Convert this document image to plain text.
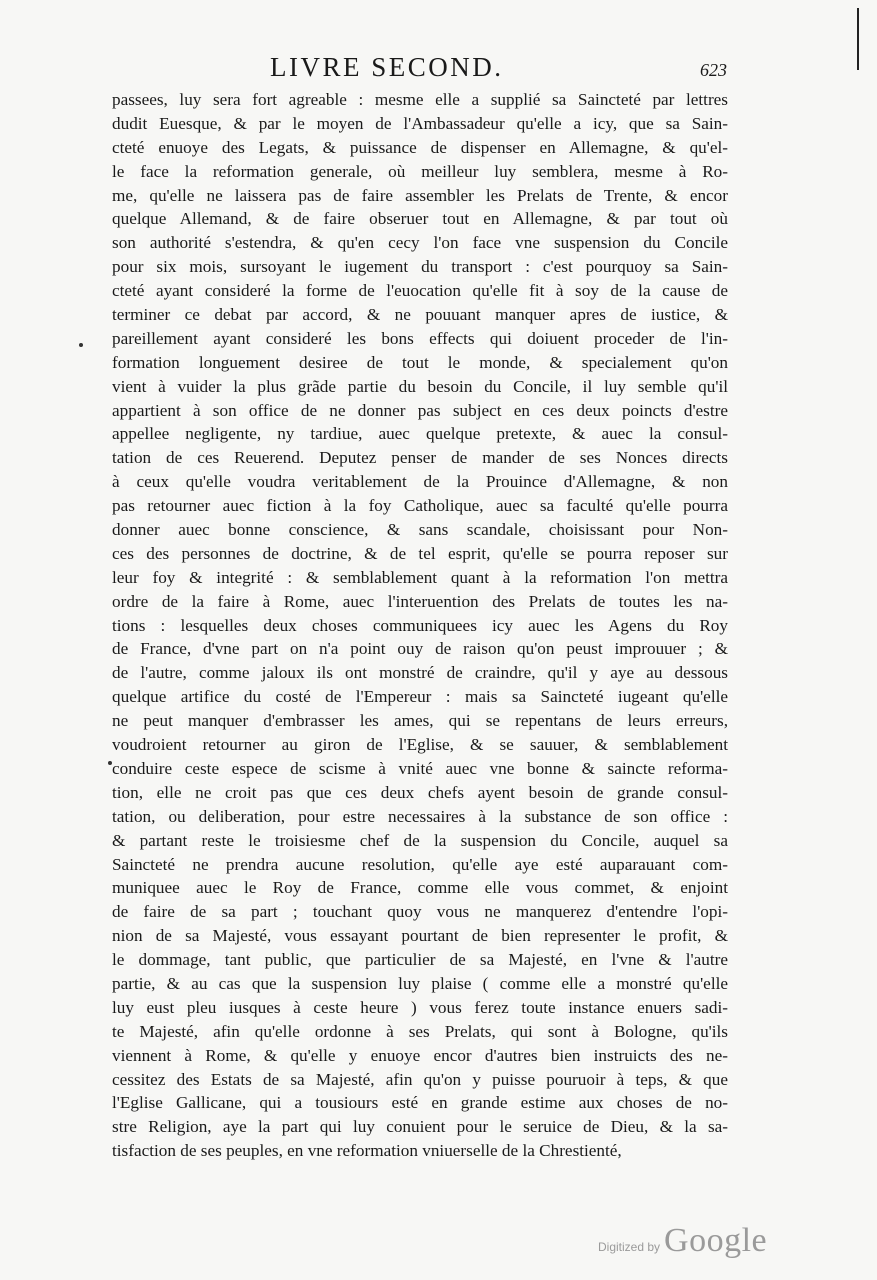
LIVRE SECOND.	623
passees, luy sera fort agreable : mesme elle a supplié sa Saincteté par lettres
dudit Euesque, & par le moyen de l'Ambassadeur qu'elle a icy, que sa Sain-
cteté enuoye des Legats, & puissance de dispenser en Allemagne, & qu'el-
le face la reformation generale, où meilleur luy semblera, mesme à Ro-
me, qu'elle ne laissera pas de faire assembler les Prelats de Trente, & encor
quelque Allemand, & de faire obseruer tout en Allemagne, & par tout où
son authorité s'estendra, & qu'en cecy l'on face vne suspension du Concile
pour six mois, sursoyant le iugement du transport : c'est pourquoy sa Sain-
cteté ayant consideré la forme de l'euocation qu'elle fit à soy de la cause de
terminer ce debat par accord, & ne pouuant manquer apres de iustice, &
pareillement ayant consideré les bons effects qui doiuent proceder de l'in-
formation longuement desiree de tout le monde, & specialement qu'on
vient à vuider la plus grãde partie du besoin du Concile, il luy semble qu'il
appartient à son office de ne donner pas subject en ces deux poincts d'estre
appellee negligente, ny tardiue, auec quelque pretexte, & auec la consul-
tation de ces Reuerend. Deputez penser de mander de ses Nonces directs
à ceux qu'elle voudra veritablement de la Prouince d'Allemagne, & non
pas retourner auec fiction à la foy Catholique, auec sa faculté qu'elle pourra
donner auec bonne conscience, & sans scandale, choisissant pour Non-
ces des personnes de doctrine, & de tel esprit, qu'elle se pourra reposer sur
leur foy & integrité : & semblablement quant à la reformation l'on mettra
ordre de la faire à Rome, auec l'interuention des Prelats de toutes les na-
tions : lesquelles deux choses communiquees icy auec les Agens du Roy
de France, d'vne part on n'a point ouy de raison qu'on peust improuuer ; &
de l'autre, comme jaloux ils ont monstré de craindre, qu'il y aye au dessous
quelque artifice du costé de l'Empereur : mais sa Saincteté iugeant qu'elle
ne peut manquer d'embrasser les ames, qui se repentans de leurs erreurs,
voudroient retourner au giron de l'Eglise, & se sauuer, & semblablement
conduire ceste espece de scisme à vnité auec vne bonne & saincte reforma-
tion, elle ne croit pas que ces deux chefs ayent besoin de grande consul-
tation, ou deliberation, pour estre necessaires à la substance de son office :
& partant reste le troisiesme chef de la suspension du Concile, auquel sa
Saincteté ne prendra aucune resolution, qu'elle aye esté auparauant com-
muniquee auec le Roy de France, comme elle vous commet, & enjoint
de faire de sa part ; touchant quoy vous ne manquerez d'entendre l'opi-
nion de sa Majesté, vous essayant pourtant de bien representer le profit, &
le dommage, tant public, que particulier de sa Majesté, en l'vne & l'autre
partie, & au cas que la suspension luy plaise ( comme elle a monstré qu'elle
luy eust pleu iusques à ceste heure ) vous ferez toute instance enuers sadi-
te Majesté, afin qu'elle ordonne à ses Prelats, qui sont à Bologne, qu'ils
viennent à Rome, & qu'elle y enuoye encor d'autres bien instruicts des ne-
cessitez des Estats de sa Majesté, afin qu'on y puisse pouruoir à teps, & que
l'Eglise Gallicane, qui a tousiours esté en grande estime aux choses de no-
stre Religion, aye la part qui luy conuient pour le seruice de Dieu, & la sa-
tisfaction de ses peuples, en vne reformation vniuerselle de la Chrestienté,
Digitized by Google
